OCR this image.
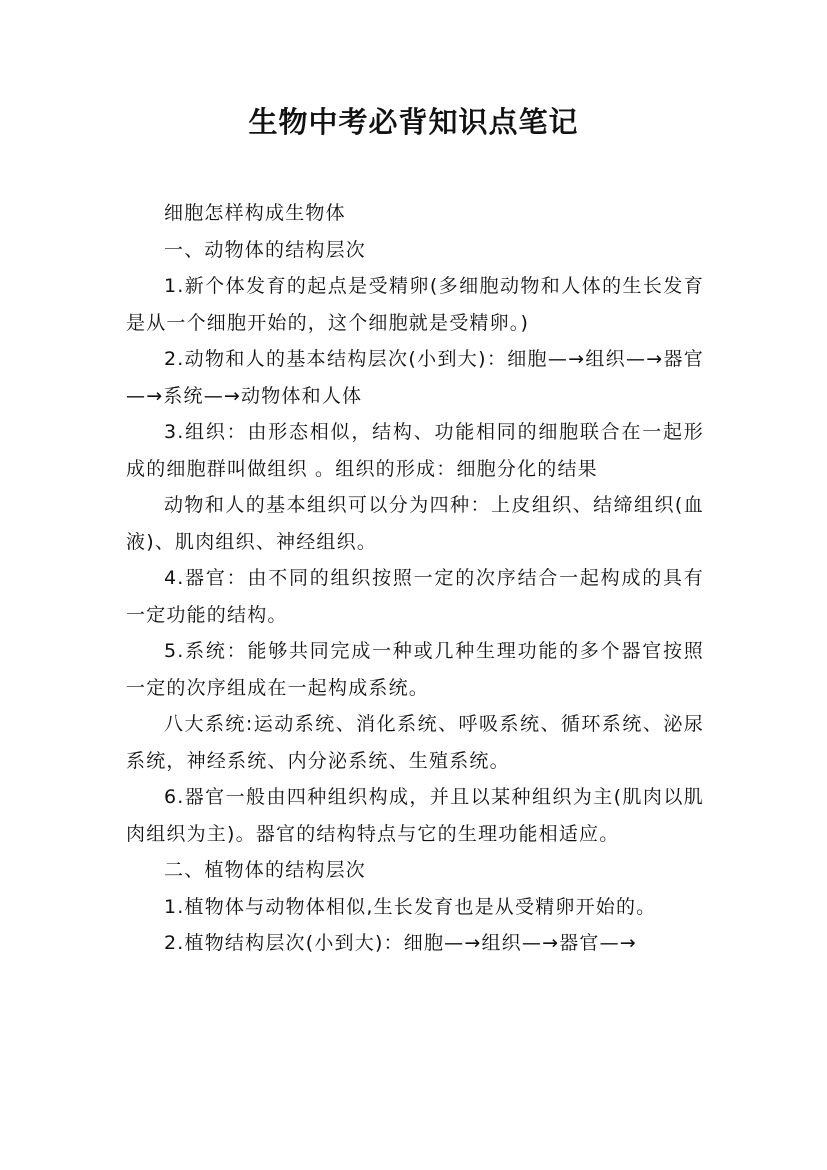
生物中考必背知识点笔记

细胞怎样构成生物体

一、动物体的结构层次

1.新个体发育的起点是受精卵(多细胞动物和人体的生长发育是从一个细胞开始的，这个细胞就是受精卵。)

2.动物和人的基本结构层次(小到大)：细胞—→组织—→器官—→系统—→动物体和人体

3.组织：由形态相似，结构、功能相同的细胞联合在一起形成的细胞群叫做组织 。组织的形成：细胞分化的结果

动物和人的基本组织可以分为四种：上皮组织、结缔组织(血液)、肌肉组织、神经组织。

4.器官：由不同的组织按照一定的次序结合一起构成的具有一定功能的结构。

5.系统：能够共同完成一种或几种生理功能的多个器官按照一定的次序组成在一起构成系统。

八大系统:运动系统、消化系统、呼吸系统、循环系统、泌尿系统，神经系统、内分泌系统、生殖系统。

6.器官一般由四种组织构成，并且以某种组织为主(肌肉以肌肉组织为主)。器官的结构特点与它的生理功能相适应。

二、植物体的结构层次

1.植物体与动物体相似,生长发育也是从受精卵开始的。

2.植物结构层次(小到大)：细胞—→组织—→器官—→
